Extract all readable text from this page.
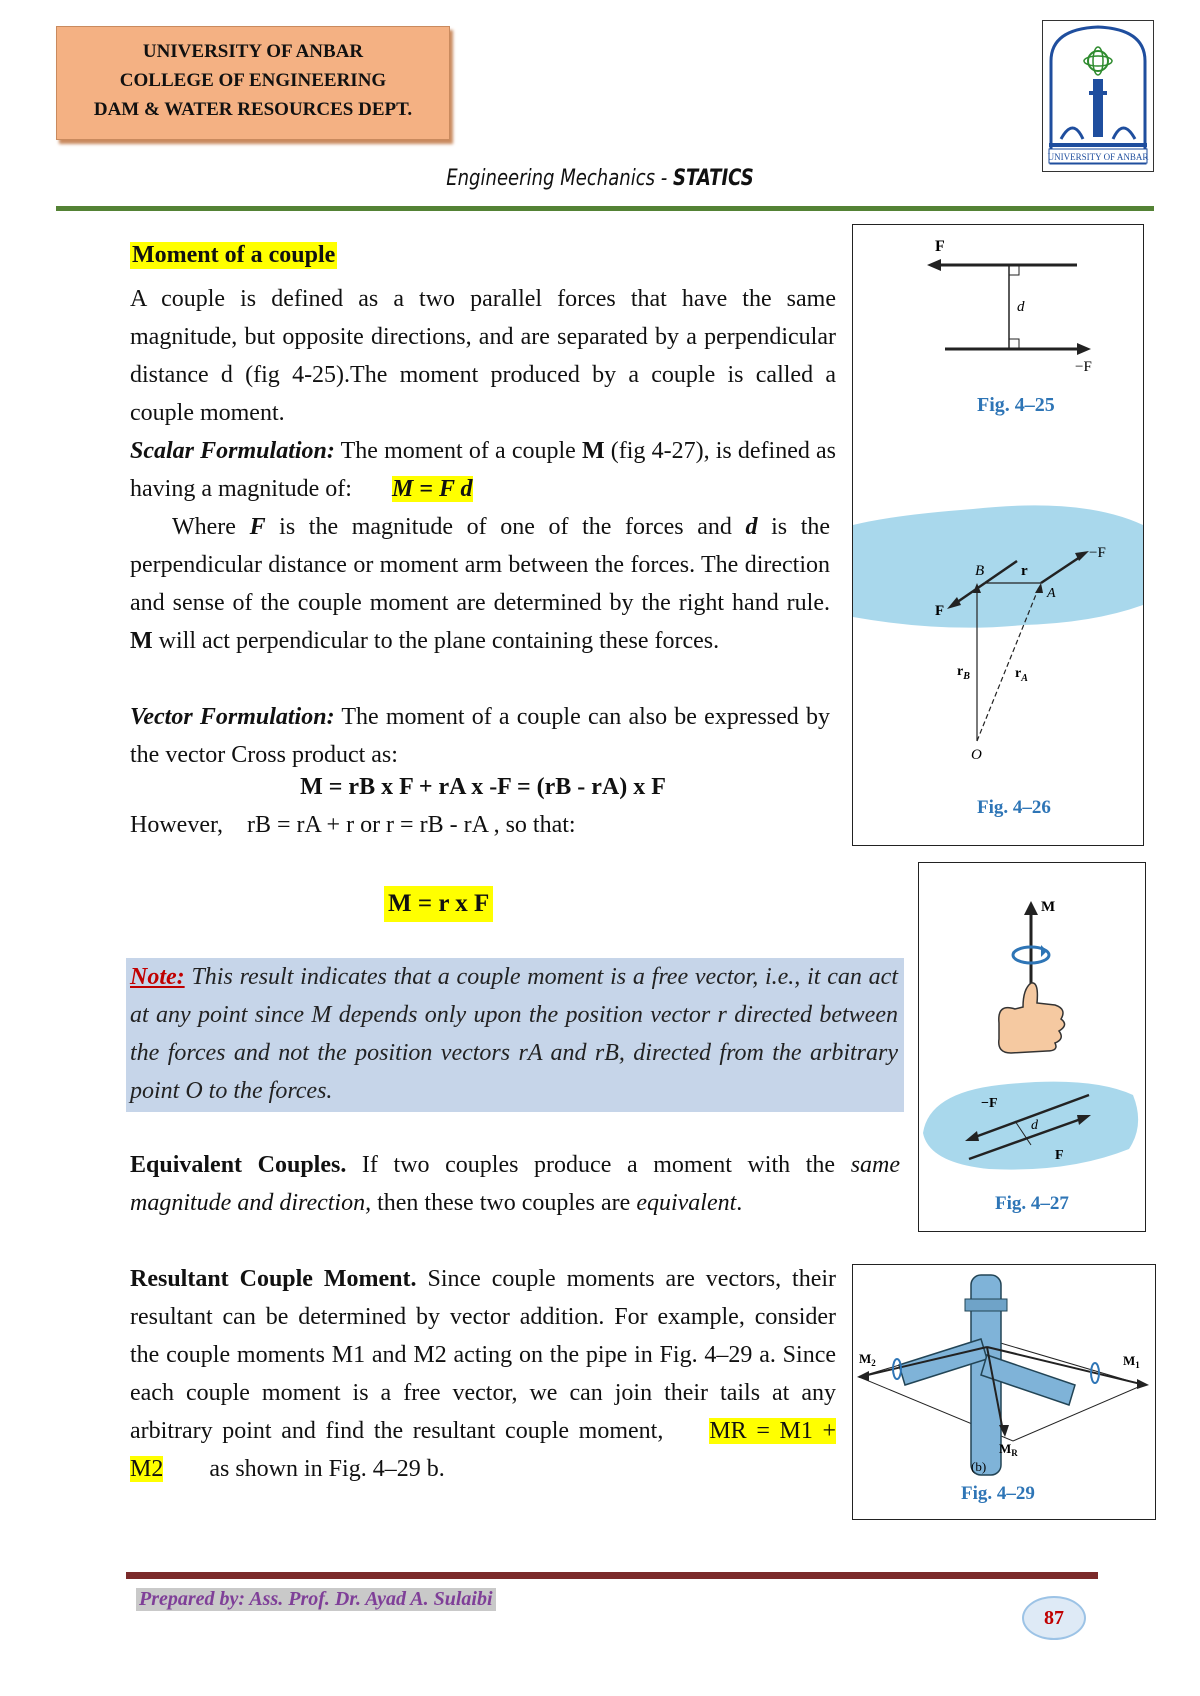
UNIVERSITY OF ANBAR
COLLEGE OF ENGINEERING
DAM & WATER RESOURCES DEPT.
UNIVERSITY OF ANBAR
Engineering Mechanics - STATICS
Moment of a couple
A couple is defined as a two parallel forces that have the same magnitude, but opposite directions, and are separated by a perpendicular distance d (fig 4-25).The moment produced by a couple is called a couple moment.
Scalar Formulation: The moment of a couple M (fig 4-27), is defined as having a magnitude of: M = F d
Where F is the magnitude of one of the forces and d is the perpendicular distance or moment arm between the forces. The direction and sense of the couple moment are determined by the right hand rule. M will act perpendicular to the plane containing these forces.
Vector Formulation: The moment of a couple can also be expressed by the vector Cross product as:
M = rB x F + rA x -F = (rB - rA) x F
However, rB = rA + r or r = rB - rA , so that:
M = r x F

Note: This result indicates that a couple moment is a free vector, i.e., it can act at any point since M depends only upon the position vector r directed between the forces and not the position vectors rA and rB, directed from the arbitrary point O to the forces.

Equivalent Couples. If two couples produce a moment with the same magnitude and direction, then these two couples are equivalent.
Resultant Couple Moment. Since couple moments are vectors, their resultant can be determined by vector addition. For example, consider the couple moments M1 and M2 acting on the pipe in Fig. 4–29 a. Since each couple moment is a free vector, we can join their tails at any arbitrary point and find the resultant couple moment, MR = M1 + M2 as shown in Fig. 4–29 b.
F
d
−F
Fig. 4–25
r
B
A
F
−F
$r_B$	$r_A$
O
Fig. 4–26
M
d
−F
F
Fig. 4–27
$M_2$	$M_1$
$M_R$
(b)
Fig. 4–29
Prepared by: Ass. Prof. Dr. Ayad A. Sulaibi
87
